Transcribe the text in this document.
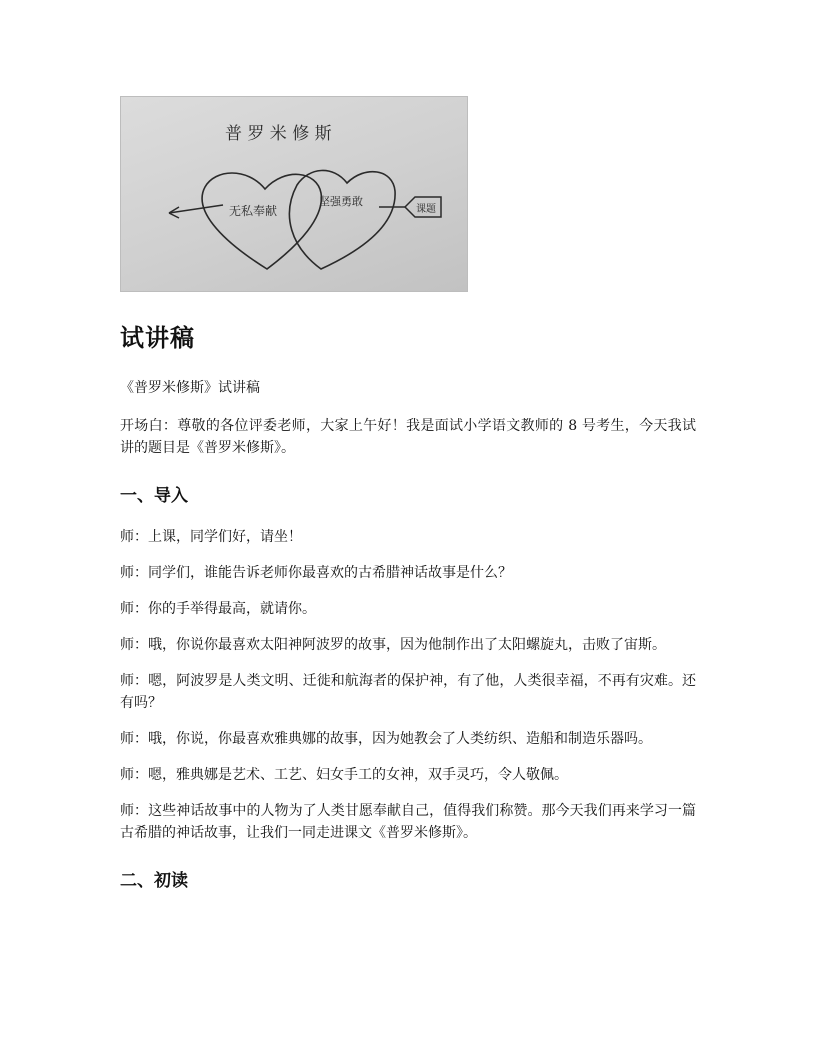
普 罗 米 修 斯
无私奉献
坚强勇敢
课题
试讲稿

《普罗米修斯》试讲稿

开场白：尊敬的各位评委老师，大家上午好！我是面试小学语文教师的 8 号考生，今天我试讲的题目是《普罗米修斯》。

一、导入

师：上课，同学们好，请坐！

师：同学们，谁能告诉老师你最喜欢的古希腊神话故事是什么？

师：你的手举得最高，就请你。

师：哦，你说你最喜欢太阳神阿波罗的故事，因为他制作出了太阳螺旋丸，击败了宙斯。

师：嗯，阿波罗是人类文明、迁徙和航海者的保护神，有了他，人类很幸福，不再有灾难。还有吗？

师：哦，你说，你最喜欢雅典娜的故事，因为她教会了人类纺织、造船和制造乐器吗。

师：嗯，雅典娜是艺术、工艺、妇女手工的女神，双手灵巧，令人敬佩。

师：这些神话故事中的人物为了人类甘愿奉献自己，值得我们称赞。那今天我们再来学习一篇古希腊的神话故事，让我们一同走进课文《普罗米修斯》。

二、初读
